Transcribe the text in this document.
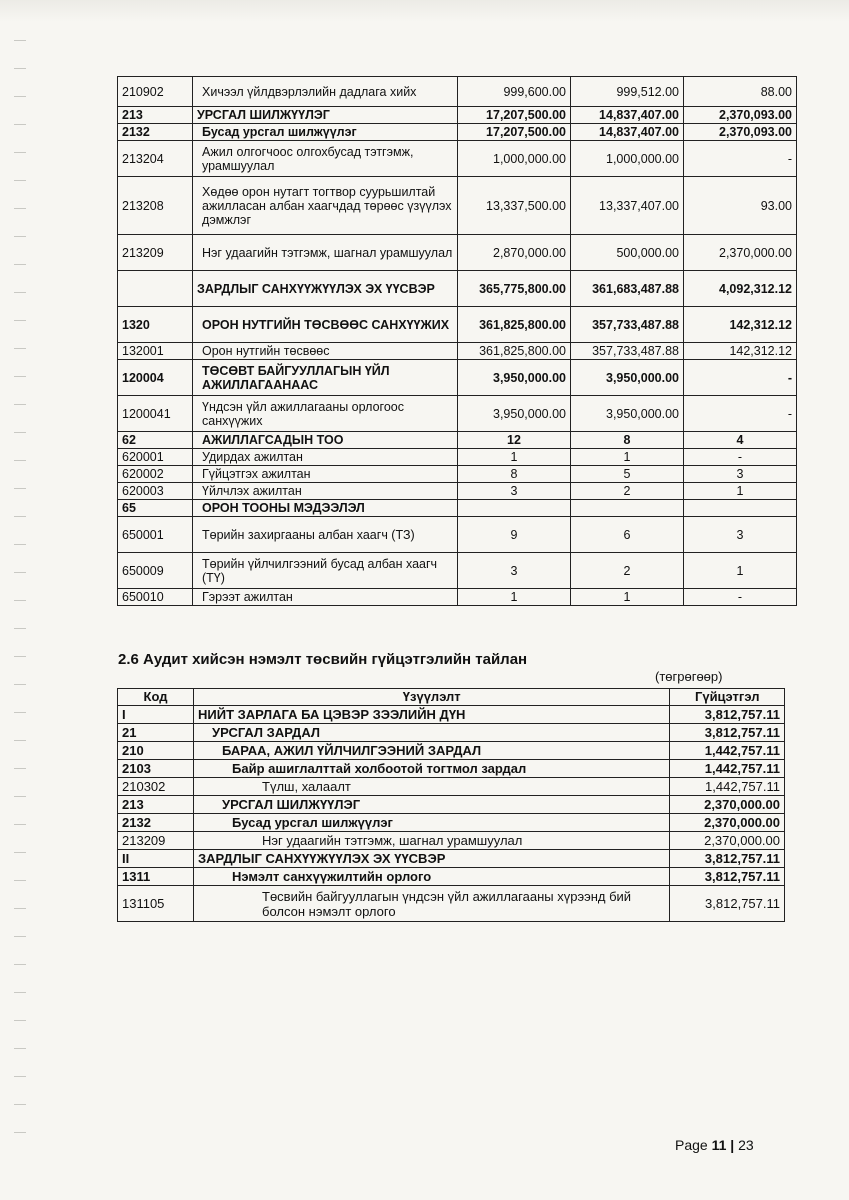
210902	Хичээл үйлдвэрлэлийн дадлага хийх	999,600.00	999,512.00	88.00
213	УРСГАЛ ШИЛЖҮҮЛЭГ	17,207,500.00	14,837,407.00	2,370,093.00
2132	Бусад урсгал шилжүүлэг	17,207,500.00	14,837,407.00	2,370,093.00
213204	Ажил олгогчоос олгохбусад тэтгэмж, урамшуулал	1,000,000.00	1,000,000.00	-
213208	Хөдөө орон нутагт тогтвор суурьшилтай ажилласан албан хаагчдад төрөөс үзүүлэх дэмжлэг	13,337,500.00	13,337,407.00	93.00
213209	Нэг удаагийн тэтгэмж, шагнал урамшуулал	2,870,000.00	500,000.00	2,370,000.00
	ЗАРДЛЫГ САНХҮҮЖҮҮЛЭХ ЭХ ҮҮСВЭР	365,775,800.00	361,683,487.88	4,092,312.12
1320	ОРОН НУТГИЙН ТӨСВӨӨС САНХҮҮЖИХ	361,825,800.00	357,733,487.88	142,312.12
132001	Орон нутгийн төсвөөс	361,825,800.00	357,733,487.88	142,312.12
120004	ТӨСӨВТ БАЙГУУЛЛАГЫН ҮЙЛ АЖИЛЛАГААНААС	3,950,000.00	3,950,000.00	-
1200041	Үндсэн үйл ажиллагааны орлогоос санхүүжих	3,950,000.00	3,950,000.00	-
62	АЖИЛЛАГСАДЫН ТОО	12	8	4
620001	Удирдах ажилтан	1	1	-
620002	Гүйцэтгэх ажилтан	8	5	3
620003	Үйлчлэх ажилтан	3	2	1
65	ОРОН ТООНЫ МЭДЭЭЛЭЛ			
650001	Төрийн захиргааны албан хаагч (ТЗ)	9	6	3
650009	Төрийн үйлчилгээний бусад албан хаагч (ТҮ)	3	2	1
650010	Гэрээт ажилтан	1	1	-
2.6 Аудит хийсэн нэмэлт төсвийн гүйцэтгэлийн тайлан
(төгрөгөөр)
Код	Үзүүлэлт	Гүйцэтгэл
I	НИЙТ ЗАРЛАГА БА ЦЭВЭР ЗЭЭЛИЙН ДҮН	3,812,757.11
21	УРСГАЛ ЗАРДАЛ	3,812,757.11
210	БАРАА, АЖИЛ ҮЙЛЧИЛГЭЭНИЙ ЗАРДАЛ	1,442,757.11
2103	Байр ашиглалттай холбоотой тогтмол зардал	1,442,757.11
210302	Түлш, халаалт	1,442,757.11
213	УРСГАЛ ШИЛЖҮҮЛЭГ	2,370,000.00
2132	Бусад урсгал шилжүүлэг	2,370,000.00
213209	Нэг удаагийн тэтгэмж, шагнал урамшуулал	2,370,000.00
II	ЗАРДЛЫГ САНХҮҮЖҮҮЛЭХ ЭХ ҮҮСВЭР	3,812,757.11
1311	Нэмэлт санхүүжилтийн орлого	3,812,757.11
131105	Төсвийн байгууллагын үндсэн үйл ажиллагааны хүрээнд бий болсон нэмэлт орлого	3,812,757.11
Page 11 | 23
